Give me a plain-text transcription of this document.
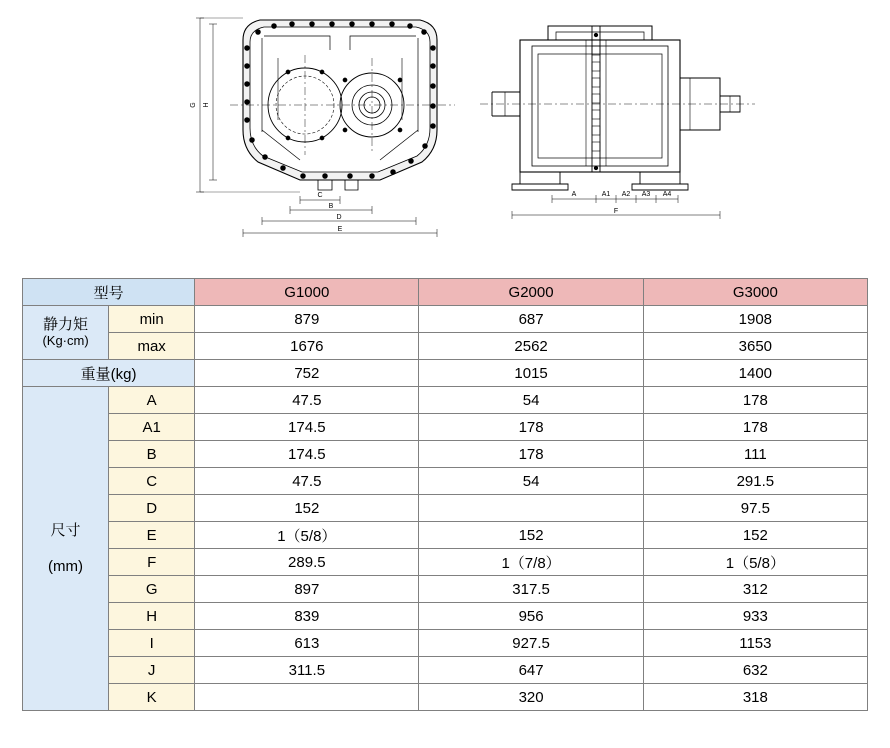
G H
C
B
D
E
A	A1 A2 A3 A4
F
型号		G1000	G2000	G3000

静力矩
(Kg·cm)	min	879	687	1908
	max	1676	2562	3650
重量(kg)		752	1015	1400

尺寸
(mm)	A	47.5	54	178
	A1	174.5	178	178
	B	174.5	178	111
	C	47.5	54	291.5
	D	152		97.5
	E	1（5/8）	152	152
	F	289.5	1（7/8）	1（5/8）
	G	897	317.5	312
	H	839	956	933
	I	613	927.5	1153
	J	311.5	647	632
	K		320	318
